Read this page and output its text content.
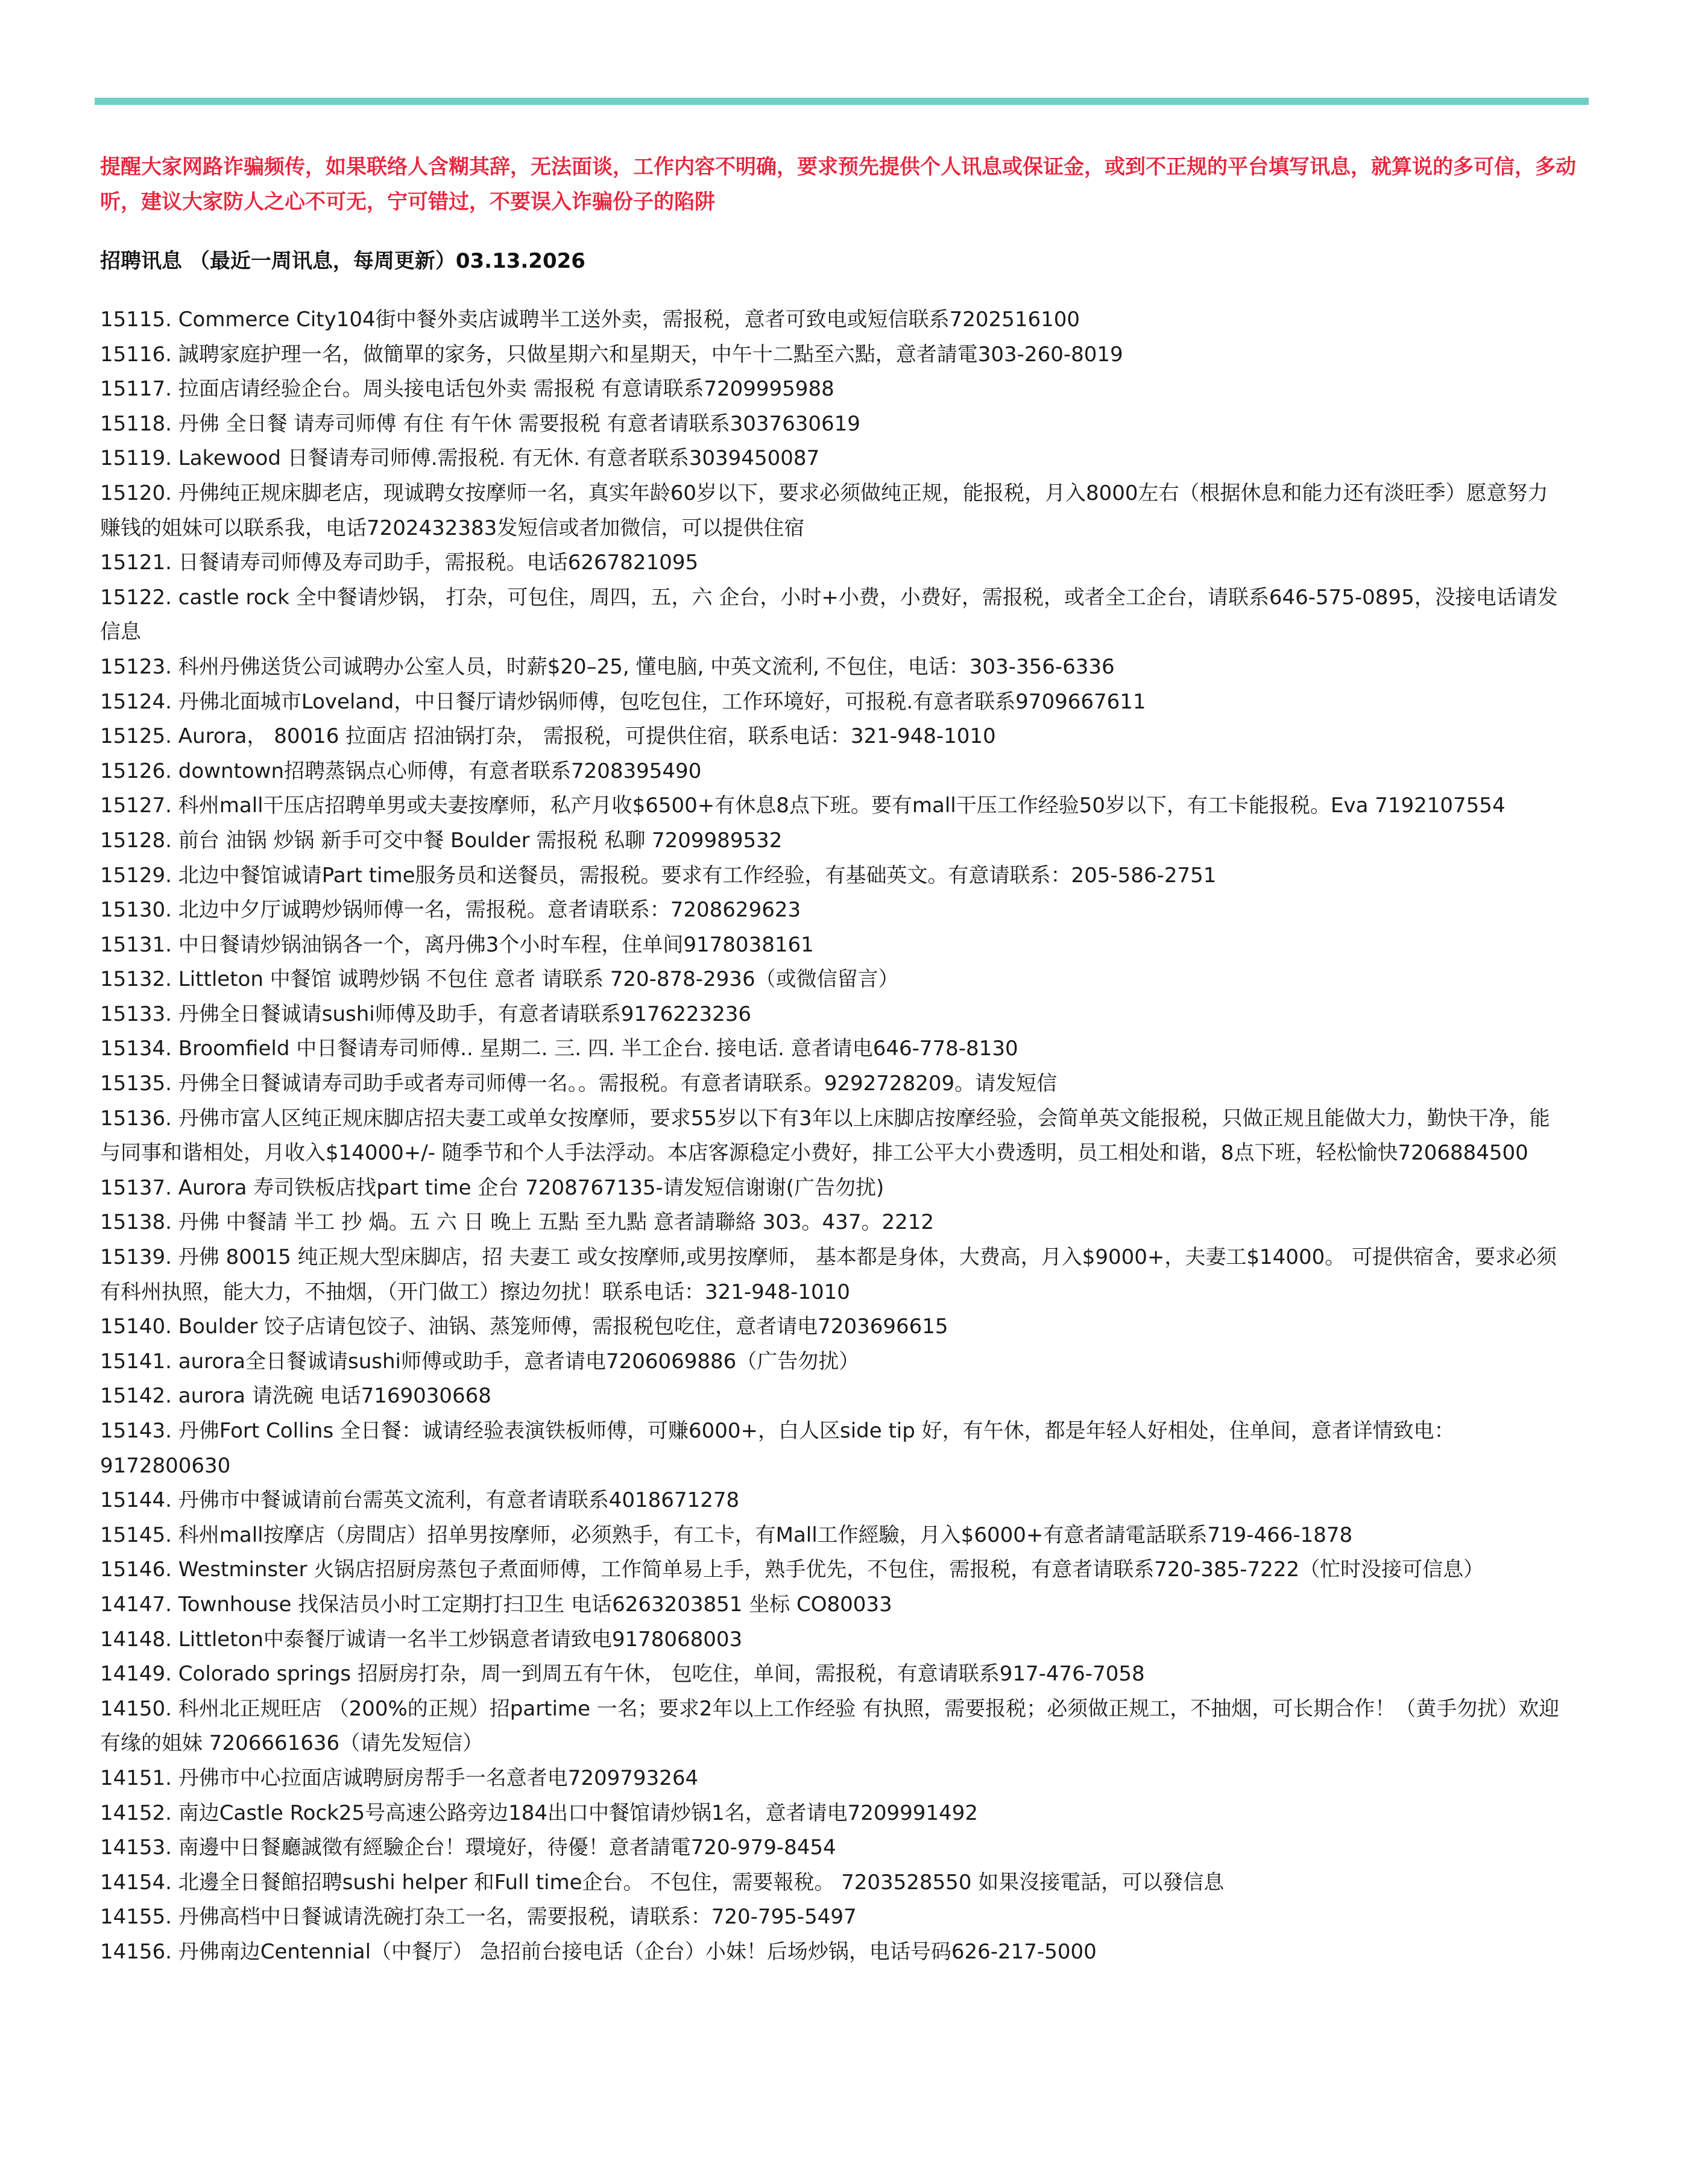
提醒大家网路诈骗频传，如果联络人含糊其辞，无法面谈，工作内容不明确，要求预先提供个人讯息或保证金，或到不正规的平台填写讯息，就算说的多可信，多动听，建议大家防人之心不可无，宁可错过，不要误入诈骗份子的陷阱
招聘讯息 （最近一周讯息，每周更新）03.13.2026
15115. Commerce City104街中餐外卖店诚聘半工送外卖，需报税，意者可致电或短信联系7202516100
15116. 誠聘家庭护理一名，做簡單的家务，只做星期六和星期天，中午十二點至六點，意者請電303-260-8019
15117. 拉面店请经验企台。周头接电话包外卖 需报税 有意请联系7209995988
15118. 丹佛 全日餐 请寿司师傅 有住 有午休 需要报税 有意者请联系3037630619
15119. Lakewood 日餐请寿司师傅.需报税. 有无休. 有意者联系3039450087
15120. 丹佛纯正规床脚老店，现诚聘女按摩师一名，真实年龄60岁以下，要求必须做纯正规，能报税，月入8000左右（根据休息和能力还有淡旺季）愿意努力赚钱的姐妹可以联系我，电话7202432383发短信或者加微信，可以提供住宿
15121. 日餐请寿司师傅及寿司助手，需报税。电话6267821095
15122. castle rock 全中餐请炒锅， 打杂，可包住，周四，五，六 企台，小时+小费，小费好，需报税，或者全工企台，请联系646-575-0895，没接电话请发信息
15123. 科州丹佛送货公司诚聘办公室人员，时薪$20–25, 懂电脑, 中英文流利, 不包住，电话：303-356-6336
15124. 丹佛北面城市Loveland，中日餐厅请炒锅师傅，包吃包住，工作环境好，可报税.有意者联系9709667611
15125. Aurora， 80016 拉面店 招油锅打杂， 需报税，可提供住宿，联系电话：321-948-1010
15126. downtown招聘蒸锅点心师傅，有意者联系7208395490
15127. 科州mall干压店招聘单男或夫妻按摩师，私产月收$6500+有休息8点下班。要有mall干压工作经验50岁以下，有工卡能报税。Eva 7192107554
15128. 前台 油锅 炒锅 新手可交中餐 Boulder 需报税 私聊 7209989532
15129. 北边中餐馆诚请Part time服务员和送餐员，需报税。要求有工作经验，有基础英文。有意请联系：205-586-2751
15130. 北边中夕厅诚聘炒锅师傅一名，需报税。意者请联系：7208629623
15131. 中日餐请炒锅油锅各一个，离丹佛3个小时车程，住单间9178038161
15132. Littleton 中餐馆 诚聘炒锅 不包住 意者 请联系 720-878-2936（或微信留言）
15133. 丹佛全日餐诚请sushi师傅及助手，有意者请联系9176223236
15134. Broomfield 中日餐请寿司师傅.. 星期二. 三. 四. 半工企台. 接电话. 意者请电646-778-8130
15135. 丹佛全日餐诚请寿司助手或者寿司师傅一名。。需报税。有意者请联系。9292728209。请发短信
15136. 丹佛市富人区纯正规床脚店招夫妻工或单女按摩师，要求55岁以下有3年以上床脚店按摩经验，会简单英文能报税，只做正规且能做大力，勤快干净，能与同事和谐相处，月收入$14000+/- 随季节和个人手法浮动。本店客源稳定小费好，排工公平大小费透明，员工相处和谐，8点下班，轻松愉快7206884500
15137. Aurora 寿司铁板店找part time 企台 7208767135-请发短信谢谢(广告勿扰)
15138. 丹佛 中餐請 半工 抄 煱。五 六 日 晚上 五點 至九點 意者請聯絡 303。437。2212
15139. 丹佛 80015 纯正规大型床脚店，招 夫妻工 或女按摩师,或男按摩师， 基本都是身体，大费高，月入$9000+，夫妻工$14000。 可提供宿舍，要求必须有科州执照，能大力，不抽烟，（开门做工）擦边勿扰！联系电话：321-948-1010
15140. Boulder 饺子店请包饺子、油锅、蒸笼师傅，需报税包吃住，意者请电7203696615
15141. aurora全日餐诚请sushi师傅或助手，意者请电7206069886（广告勿扰）
15142. aurora 请洗碗 电话7169030668
15143. 丹佛Fort Collins 全日餐：诚请经验表演铁板师傅，可赚6000+，白人区side tip 好，有午休，都是年轻人好相处，住单间，意者详情致电：9172800630
15144. 丹佛市中餐诚请前台需英文流利，有意者请联系4018671278
15145. 科州mall按摩店（房間店）招单男按摩师，必须熟手，有工卡，有Mall工作經驗，月入$6000+有意者請電話联系719-466-1878
15146. Westminster 火锅店招厨房蒸包子煮面师傅，工作简单易上手，熟手优先，不包住，需报税，有意者请联系720-385-7222（忙时没接可信息）
14147. Townhouse 找保洁员小时工定期打扫卫生 电话6263203851 坐标 CO80033
14148. Littleton中泰餐厅诚请一名半工炒锅意者请致电9178068003
14149. Colorado springs 招厨房打杂，周一到周五有午休， 包吃住，单间，需报税，有意请联系917-476-7058
14150. 科州北正规旺店 （200%的正规）招partime 一名；要求2年以上工作经验 有执照，需要报税；必须做正规工，不抽烟，可长期合作！（黄手勿扰）欢迎有缘的姐妹 7206661636（请先发短信）
14151. 丹佛市中心拉面店诚聘厨房帮手一名意者电7209793264
14152. 南边Castle Rock25号高速公路旁边184出口中餐馆请炒锅1名，意者请电7209991492
14153. 南邊中日餐廳誠徵有經驗企台！環境好，待優！意者請電720-979-8454
14154. 北邊全日餐館招聘sushi helper 和Full time企台。 不包住，需要報稅。 7203528550 如果沒接電話，可以發信息
14155. 丹佛高档中日餐诚请洗碗打杂工一名，需要报税，请联系：720-795-5497
14156. 丹佛南边Centennial（中餐厅） 急招前台接电话（企台）小妹！后场炒锅，电话号码626-217-5000
